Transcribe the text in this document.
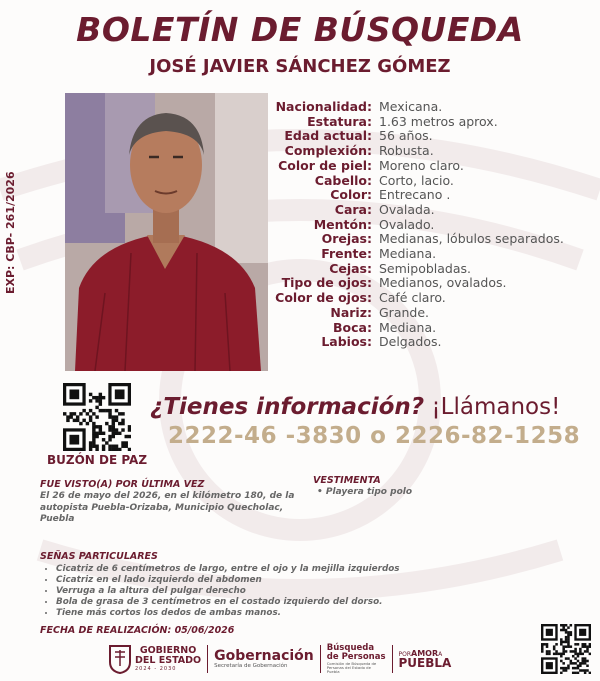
BOLETÍN DE BÚSQUEDA
JOSÉ JAVIER SÁNCHEZ GÓMEZ
EXP: CBP- 261/2026
Nacionalidad: Mexicana.
Estatura: 1.63 metros aprox.
Edad actual: 56 años.
Complexión: Robusta.
Color de piel: Moreno claro.
Cabello: Corto, lacio.
Color: Entrecano .
Cara: Ovalada.
Mentón: Ovalado.
Orejas: Medianas, lóbulos separados.
Frente: Mediana.
Cejas: Semipobladas.
Tipo de ojos: Medianos, ovalados.
Color de ojos: Café claro.
Nariz: Grande.
Boca: Mediana.
Labios: Delgados.
BUZÓN DE PAZ
¿Tienes información? ¡Llámanos!
2222-46 -3830 o 2226-82-1258
FUE VISTO(A) POR ÚLTIMA VEZ
El 26 de mayo del 2026, en el kilómetro 180, de la autopista Puebla-Orizaba, Municipio Quecholac, Puebla
VESTIMENTA
• Playera tipo polo
SEÑAS PARTICULARES
• Cicatriz de 6 centímetros de largo, entre el ojo y la mejilla izquierdos
• Cicatriz en el lado izquierdo del abdomen
• Verruga a la altura del pulgar derecho
• Bola de grasa de 3 centímetros en el costado izquierdo del dorso.
• Tiene más cortos los dedos de ambas manos.
FECHA DE REALIZACIÓN: 05/06/2026
GOBIERNO
DEL ESTADO
2024 - 2030
Gobernación
Secretaría de Gobernación
Búsqueda
de Personas
Comisión de Búsqueda de Personas del Estado de Puebla
PORAMORA
PUEBLA
